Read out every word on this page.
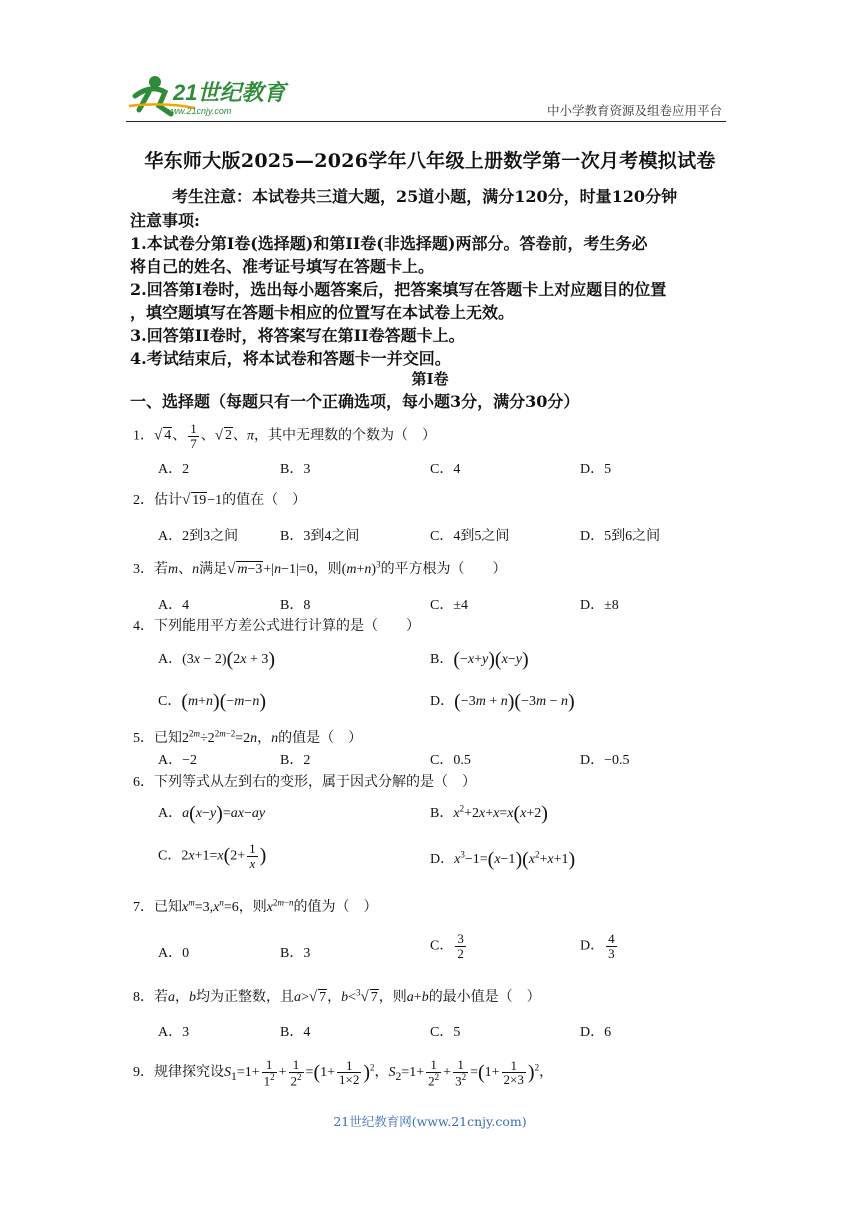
21世纪教育
www.21cnjy.com	中小学教育资源及组卷应用平台
华东师大版2025—2026学年八年级上册数学第一次月考模拟试卷
考生注意：本试卷共三道大题，25道小题，满分120分，时量120分钟
注意事项:
1.本试卷分第I卷(选择题)和第II卷(非选择题)两部分。答卷前，考生务必
将自己的姓名、准考证号填写在答题卡上。
2.回答第I卷时，选出每小题答案后，把答案填写在答题卡上对应题目的位置
，填空题填写在答题卡相应的位置写在本试卷上无效。
3.回答第II卷时，将答案写在第II卷答题卡上。
4.考试结束后，将本试卷和答题卡一并交回。
第I卷
一、选择题（每题只有一个正确选项，每小题3分，满分30分）
1．√ 4、 $\frac{1}{7}$ 、√ 2、π，其中无理数的个数为（　）
A．2	B．3	C．4	D．5
2．估计√ 19−1的值在（　）
A．2到3之间	B．3到4之间	C．4到5之间	D．5到6之间
3．若m、n满足√ m−3+|n−1|=0，则$(m+n)^3$的平方根为（　　）
A．4	B．8	C．±4	D．±8
4．下列能用平方差公式进行计算的是（　　）
A．(3x − 2)(2x + 3)	B．(−x+y)(x−y)
C．(m+n)(−m−n)	D．(−3m + n)(−3m − n)
5．已知$2^{2m}\div 2^{2m-2}=2n$，n的值是（　）
A．−2	B．2	C．0.5	D．−0.5
6．下列等式从左到右的变形，属于因式分解的是（　）
A．a(x−y)=ax−ay	B．$x^2+2x+x=x(x+2)$
C．$2x+1=x(2+ \frac{1}{x}$ )	D．$x^3-1=(x-1)(x^2+x+1)$
7．已知$x^m=3,x^n=6$，则$x^{2m-n}$的值为（　）
A．0	B．3
C． $\frac{3}{2}$	D． $\frac{4}{3}$
8．若a，b均为正整数，且a>√ 7，b<$^3$√ 7，则a+b的最小值是（　）
A．3	B．4	C．5	D．6
9．规律探究设$S_1=1+ \frac{1}{1^2} + \frac{1}{2^2} =(1+ \frac{1}{1\times 2} )^2$，$S_2=1+ \frac{1}{2^2} + \frac{1}{3^2} =(1+ \frac{1}{2\times 3} )^2$，
21世纪教育网(www.21cnjy.com)
